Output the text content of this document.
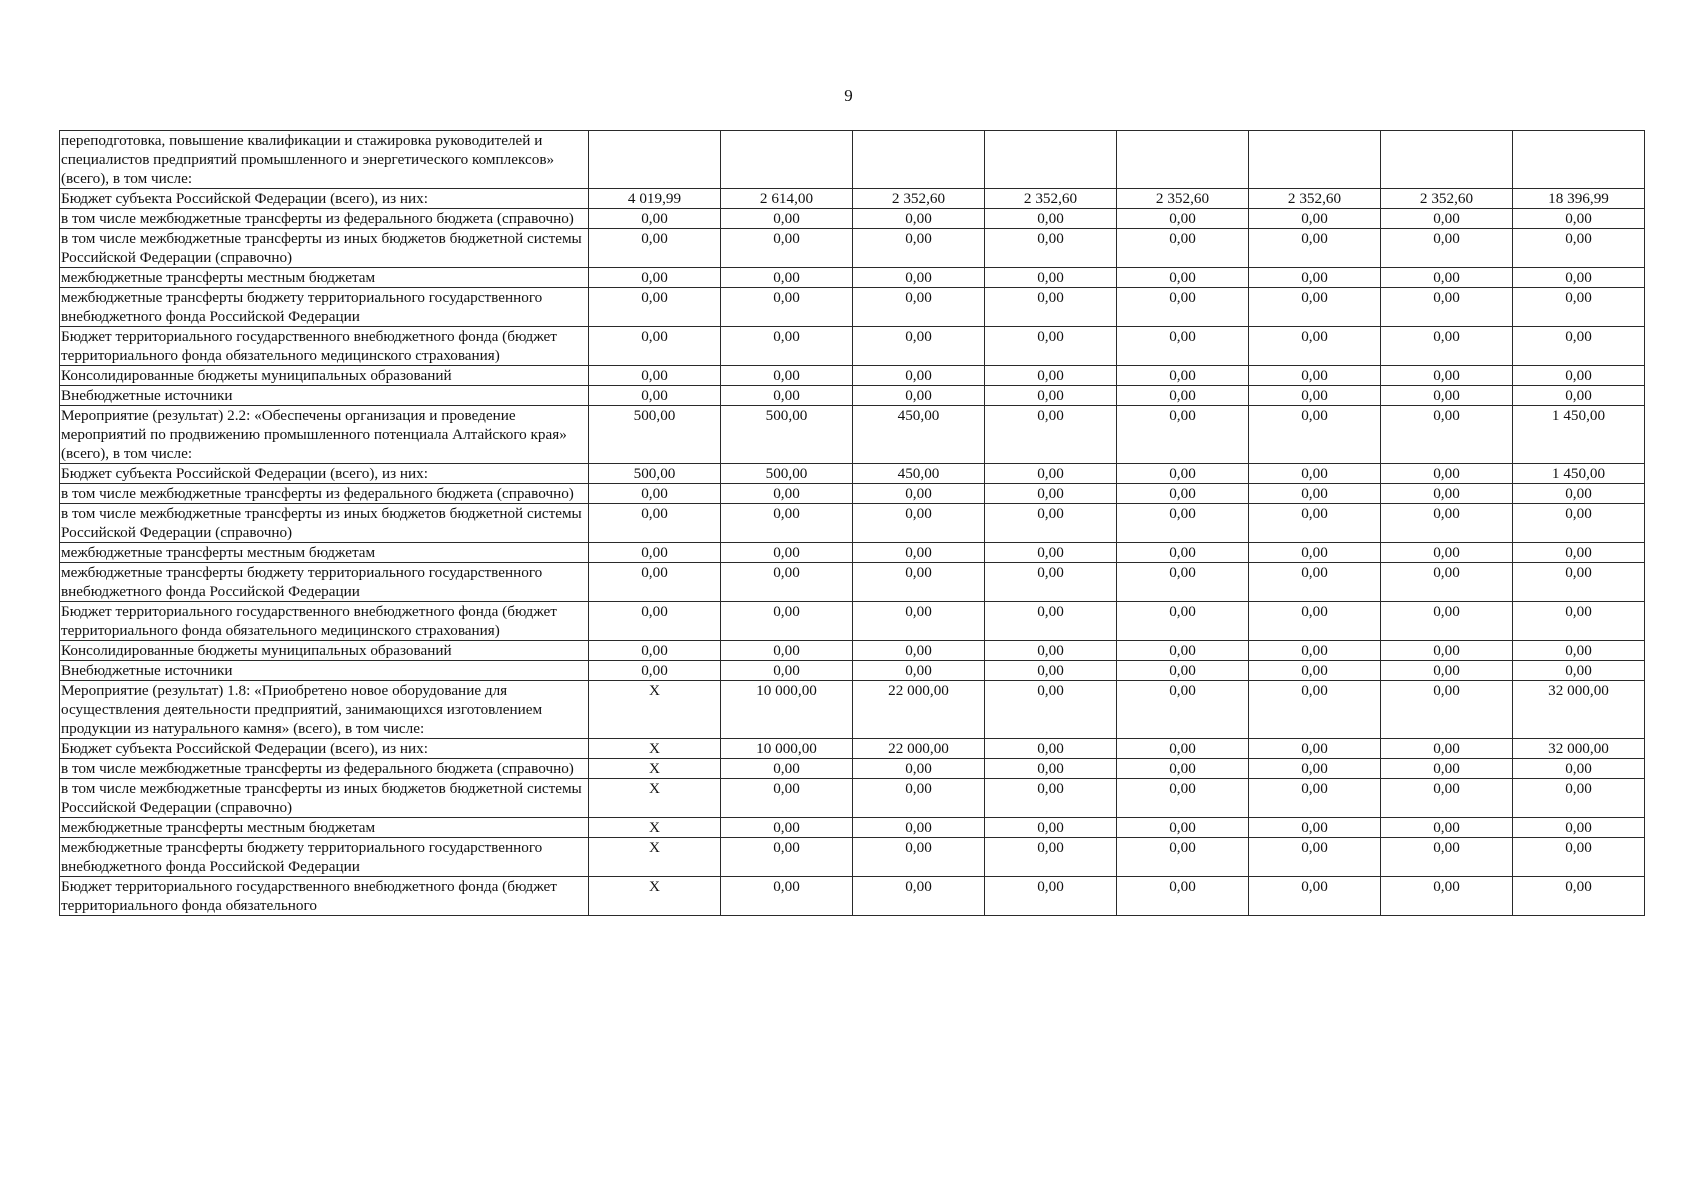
9
переподготовка, повышение квалификации и стажировка руководителей и специалистов предприятий промышленного и энергетического комплексов» (всего), в том числе:								
Бюджет субъекта Российской Федерации (всего), из них:	4 019,99	2 614,00	2 352,60	2 352,60	2 352,60	2 352,60	2 352,60	18 396,99
в том числе межбюджетные трансферты из федерального бюджета (справочно)	0,00	0,00	0,00	0,00	0,00	0,00	0,00	0,00
в том числе межбюджетные трансферты из иных бюджетов бюджетной системы Российской Федерации (справочно)	0,00	0,00	0,00	0,00	0,00	0,00	0,00	0,00
межбюджетные трансферты местным бюджетам	0,00	0,00	0,00	0,00	0,00	0,00	0,00	0,00
межбюджетные трансферты бюджету территориального государственного внебюджетного фонда Российской Федерации	0,00	0,00	0,00	0,00	0,00	0,00	0,00	0,00
Бюджет территориального государственного внебюджетного фонда (бюджет территориального фонда обязательного медицинского страхования)	0,00	0,00	0,00	0,00	0,00	0,00	0,00	0,00
Консолидированные бюджеты муниципальных образований	0,00	0,00	0,00	0,00	0,00	0,00	0,00	0,00
Внебюджетные источники	0,00	0,00	0,00	0,00	0,00	0,00	0,00	0,00
Мероприятие (результат) 2.2: «Обеспечены организация и проведение мероприятий по продвижению промышленного потенциала Алтайского края» (всего), в том числе:	500,00	500,00	450,00	0,00	0,00	0,00	0,00	1 450,00
Бюджет субъекта Российской Федерации (всего), из них:	500,00	500,00	450,00	0,00	0,00	0,00	0,00	1 450,00
в том числе межбюджетные трансферты из федерального бюджета (справочно)	0,00	0,00	0,00	0,00	0,00	0,00	0,00	0,00
в том числе межбюджетные трансферты из иных бюджетов бюджетной системы Российской Федерации (справочно)	0,00	0,00	0,00	0,00	0,00	0,00	0,00	0,00
межбюджетные трансферты местным бюджетам	0,00	0,00	0,00	0,00	0,00	0,00	0,00	0,00
межбюджетные трансферты бюджету территориального государственного внебюджетного фонда Российской Федерации	0,00	0,00	0,00	0,00	0,00	0,00	0,00	0,00
Бюджет территориального государственного внебюджетного фонда (бюджет территориального фонда обязательного медицинского страхования)	0,00	0,00	0,00	0,00	0,00	0,00	0,00	0,00
Консолидированные бюджеты муниципальных образований	0,00	0,00	0,00	0,00	0,00	0,00	0,00	0,00
Внебюджетные источники	0,00	0,00	0,00	0,00	0,00	0,00	0,00	0,00
Мероприятие (результат) 1.8: «Приобретено новое оборудование для осуществления деятельности предприятий, занимающихся изготовлением продукции из натурального камня» (всего), в том числе:	Х	10 000,00	22 000,00	0,00	0,00	0,00	0,00	32 000,00
Бюджет субъекта Российской Федерации (всего), из них:	Х	10 000,00	22 000,00	0,00	0,00	0,00	0,00	32 000,00
в том числе межбюджетные трансферты из федерального бюджета (справочно)	Х	0,00	0,00	0,00	0,00	0,00	0,00	0,00
в том числе межбюджетные трансферты из иных бюджетов бюджетной системы Российской Федерации (справочно)	Х	0,00	0,00	0,00	0,00	0,00	0,00	0,00
межбюджетные трансферты местным бюджетам	Х	0,00	0,00	0,00	0,00	0,00	0,00	0,00
межбюджетные трансферты бюджету территориального государственного внебюджетного фонда Российской Федерации	Х	0,00	0,00	0,00	0,00	0,00	0,00	0,00
Бюджет территориального государственного внебюджетного фонда (бюджет территориального фонда обязательного	Х	0,00	0,00	0,00	0,00	0,00	0,00	0,00
